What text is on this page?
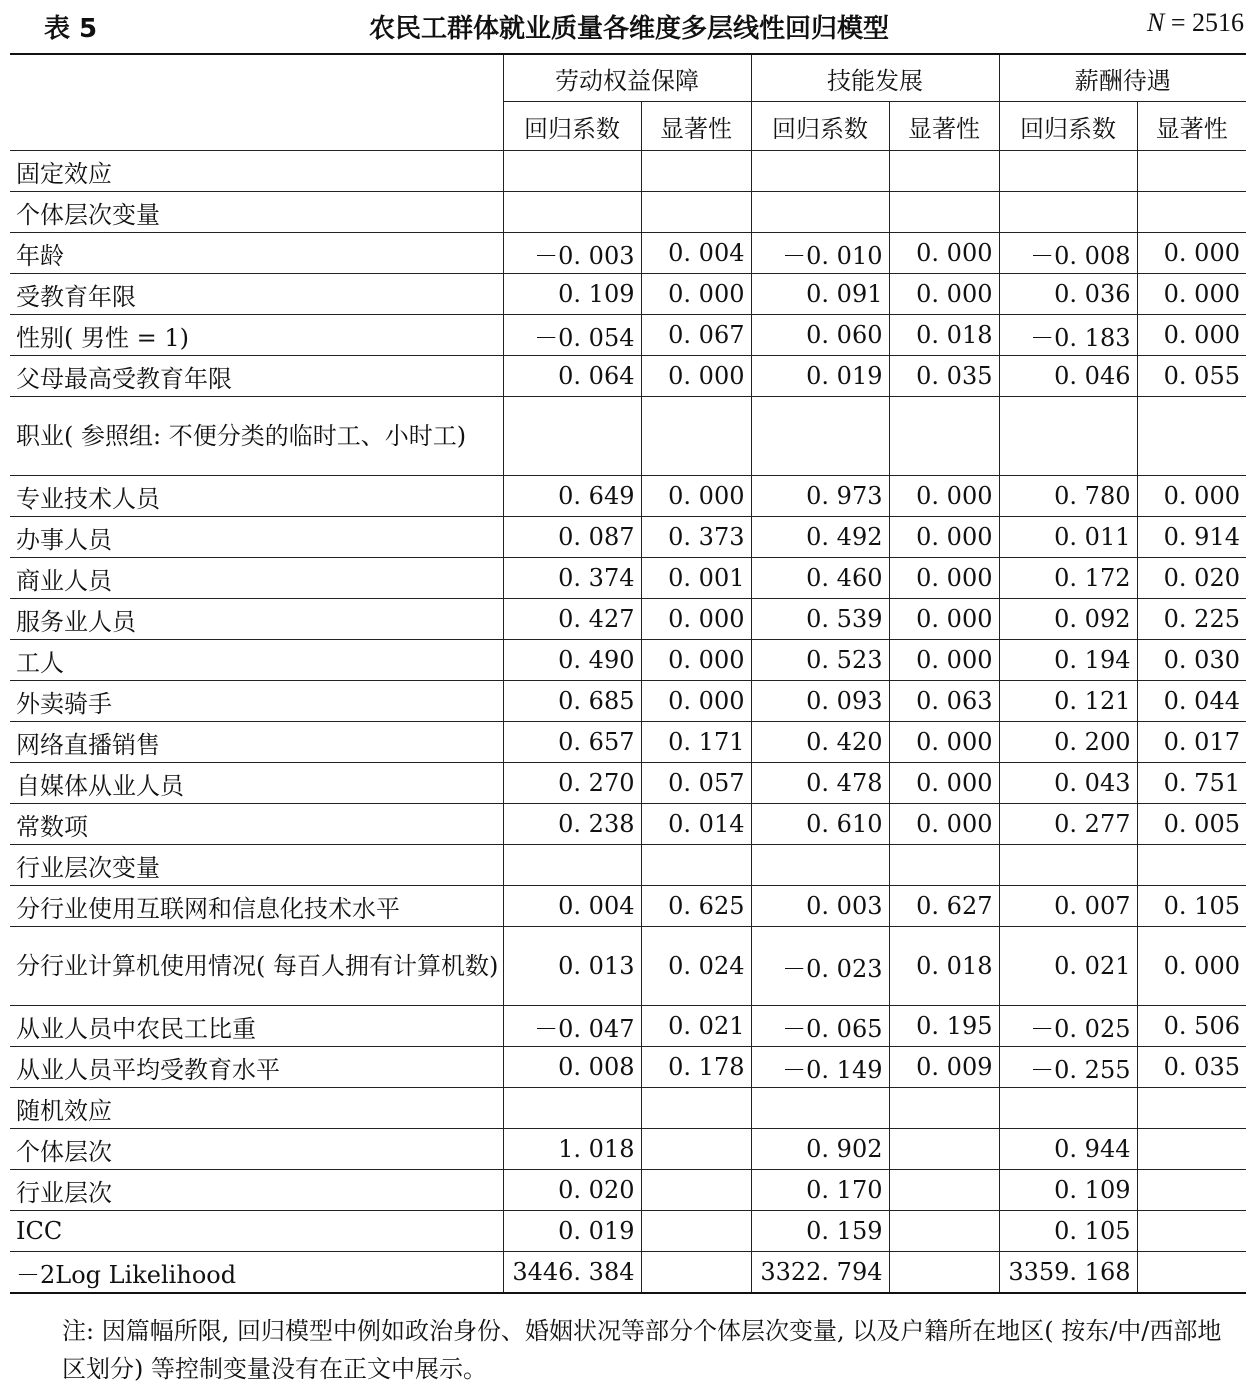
表 5	农民工群体就业质量各维度多层线性回归模型	N = 2516
	劳动权益保障		技能发展		薪酬待遇	
	回归系数	显著性	回归系数	显著性	回归系数	显著性
固定效应						
个体层次变量						
年龄	－0. 003	0. 004	－0. 010	0. 000	－0. 008	0. 000
受教育年限	0. 109	0. 000	0. 091	0. 000	0. 036	0. 000
性别( 男性 = 1)	－0. 054	0. 067	0. 060	0. 018	－0. 183	0. 000
父母最高受教育年限	0. 064	0. 000	0. 019	0. 035	0. 046	0. 055
职业( 参照组: 不便分类的临时工、小时工)						
专业技术人员	0. 649	0. 000	0. 973	0. 000	0. 780	0. 000
办事人员	0. 087	0. 373	0. 492	0. 000	0. 011	0. 914
商业人员	0. 374	0. 001	0. 460	0. 000	0. 172	0. 020
服务业人员	0. 427	0. 000	0. 539	0. 000	0. 092	0. 225
工人	0. 490	0. 000	0. 523	0. 000	0. 194	0. 030
外卖骑手	0. 685	0. 000	0. 093	0. 063	0. 121	0. 044
网络直播销售	0. 657	0. 171	0. 420	0. 000	0. 200	0. 017
自媒体从业人员	0. 270	0. 057	0. 478	0. 000	0. 043	0. 751
常数项	0. 238	0. 014	0. 610	0. 000	0. 277	0. 005
行业层次变量						
分行业使用互联网和信息化技术水平	0. 004	0. 625	0. 003	0. 627	0. 007	0. 105
分行业计算机使用情况( 每百人拥有计算机数)	0. 013	0. 024	－0. 023	0. 018	0. 021	0. 000
从业人员中农民工比重	－0. 047	0. 021	－0. 065	0. 195	－0. 025	0. 506
从业人员平均受教育水平	0. 008	0. 178	－0. 149	0. 009	－0. 255	0. 035
随机效应						
个体层次	1. 018		0. 902		0. 944	
行业层次	0. 020		0. 170		0. 109	
ICC	0. 019		0. 159		0. 105	
－2Log Likelihood	3446. 384		3322. 794		3359. 168	
注: 因篇幅所限, 回归模型中例如政治身份、婚姻状况等部分个体层次变量, 以及户籍所在地区( 按东/中/西部地区划分) 等控制变量没有在正文中展示。
